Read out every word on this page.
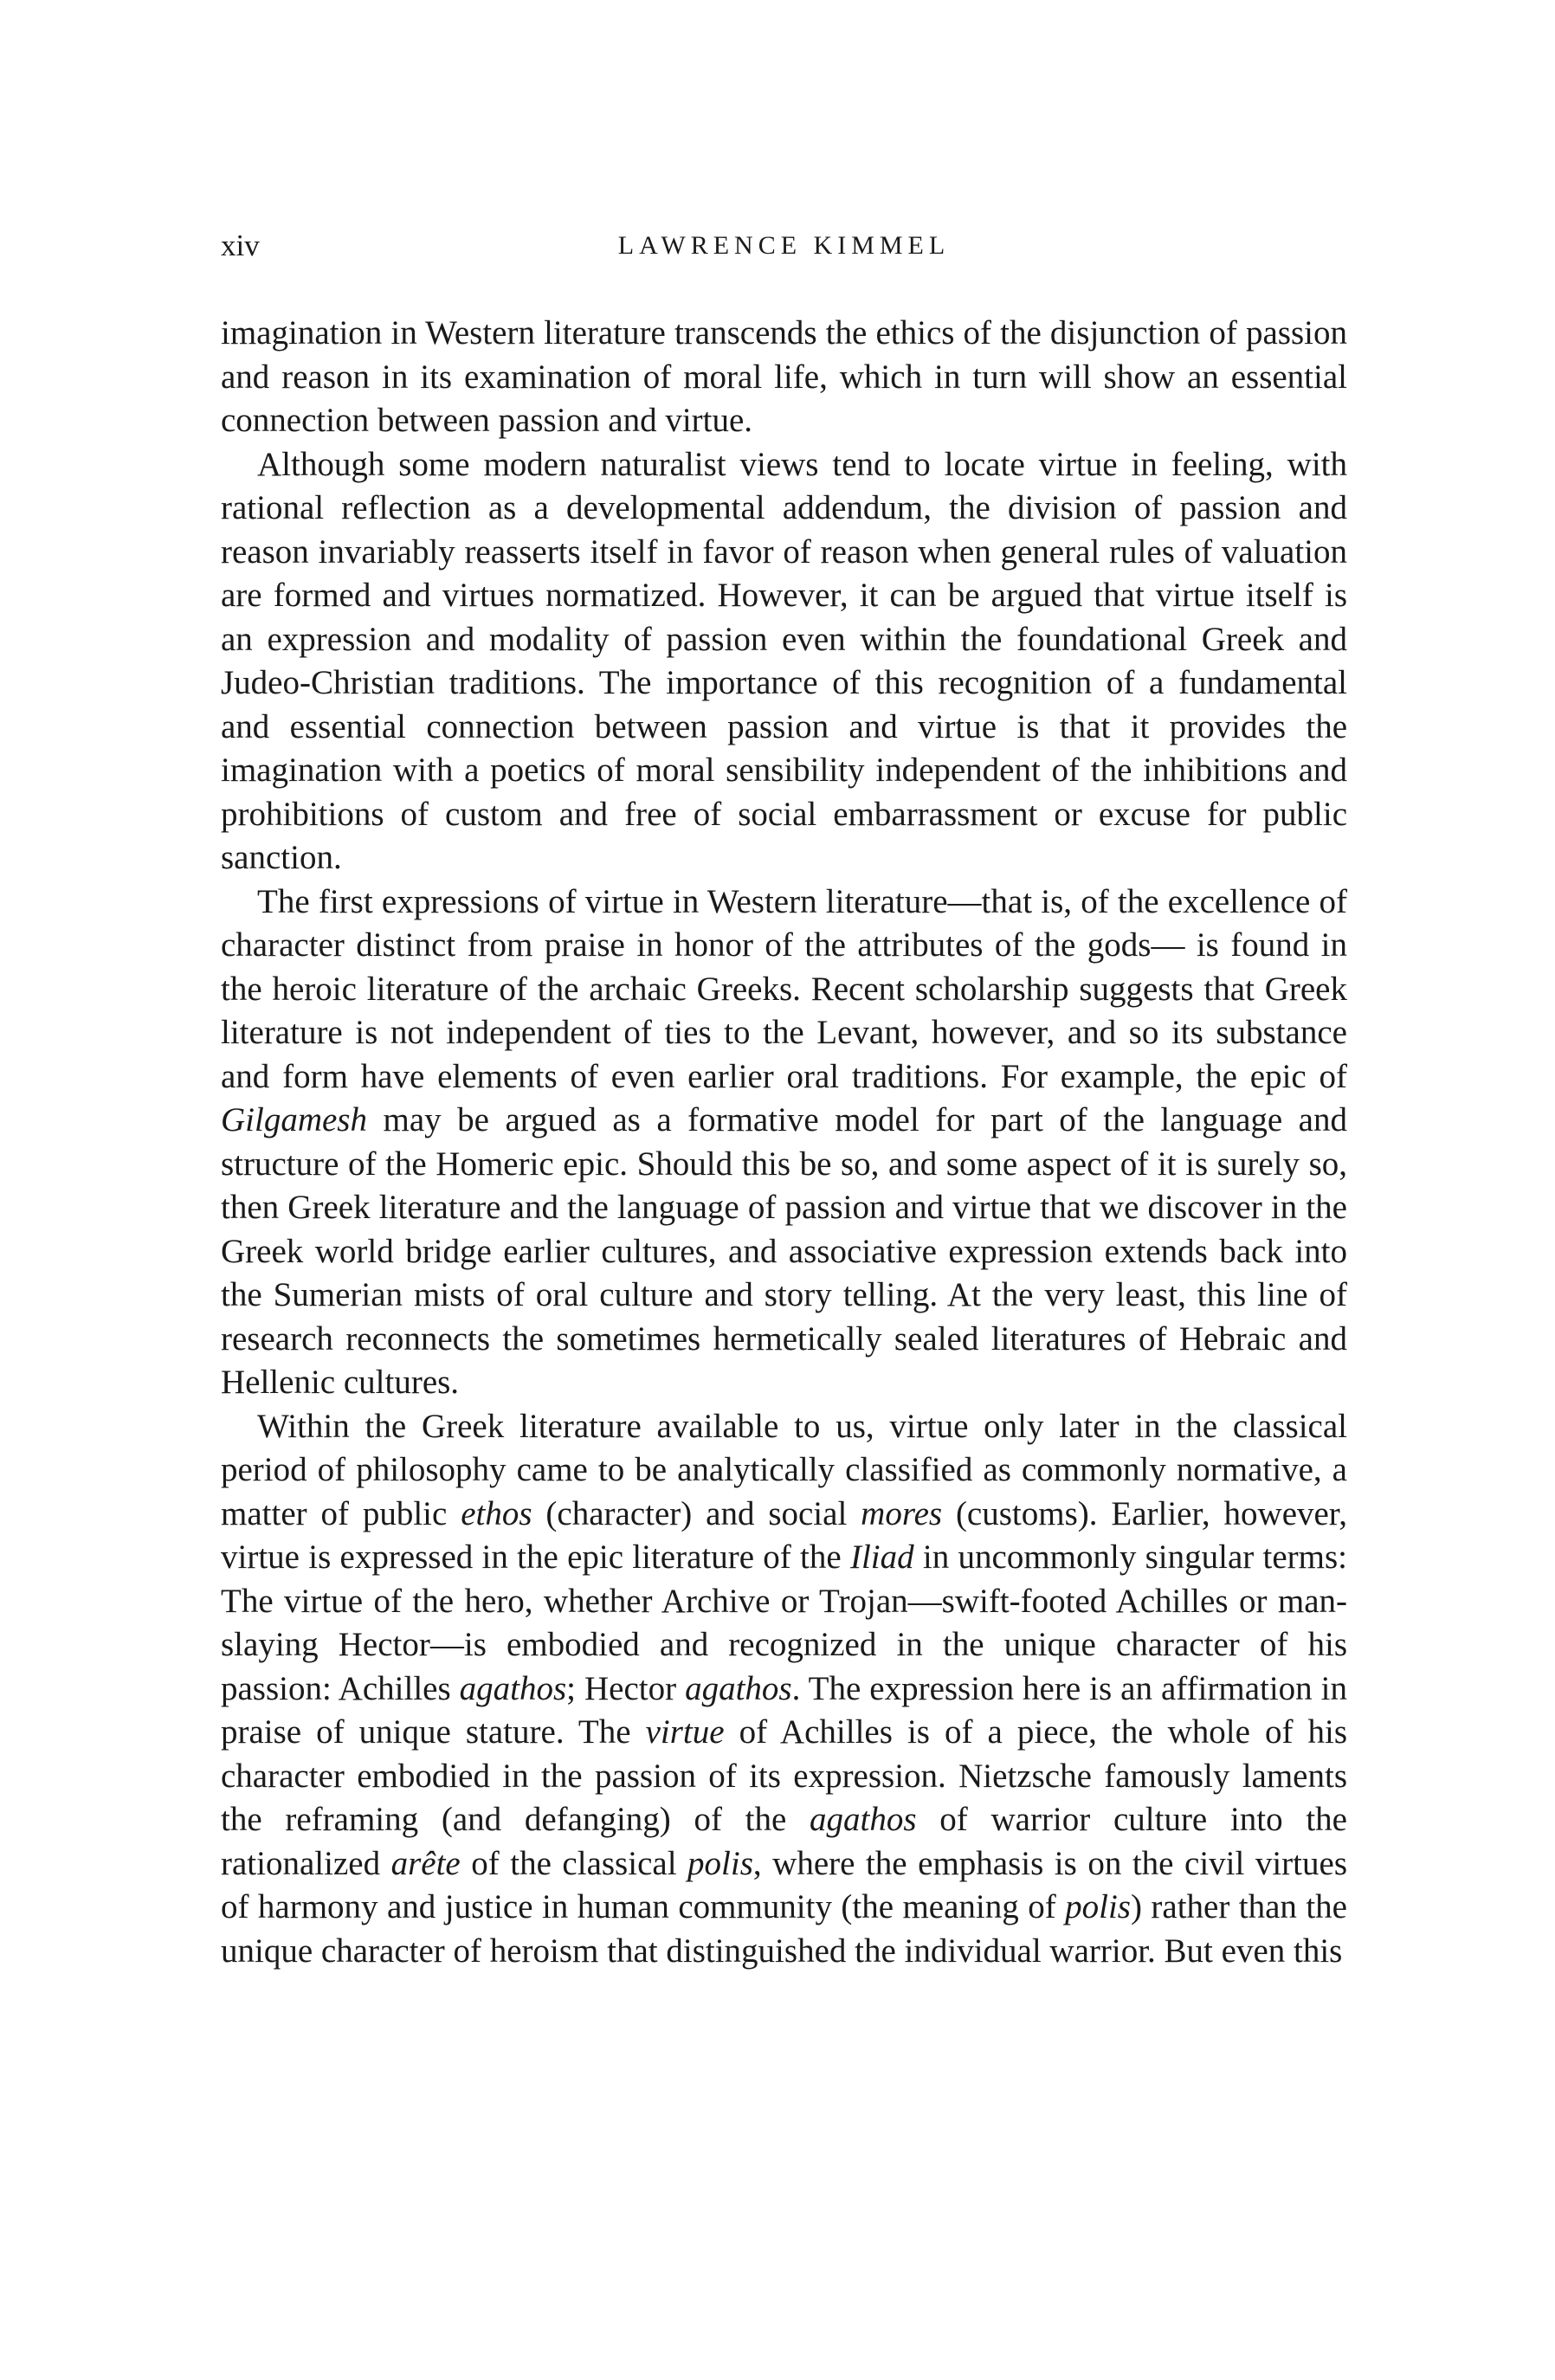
xiv	LAWRENCE KIMMEL

imagination in Western literature transcends the ethics of the disjunction of passion and reason in its examination of moral life, which in turn will show an essential connection between passion and virtue.

Although some modern naturalist views tend to locate virtue in feeling, with rational reflection as a developmental addendum, the division of passion and reason invariably reasserts itself in favor of reason when general rules of valuation are formed and virtues normatized. However, it can be argued that virtue itself is an expression and modality of passion even within the foundational Greek and Judeo-Christian traditions. The importance of this recognition of a fundamental and essential connection between passion and virtue is that it provides the imagination with a poetics of moral sensibility independent of the inhibitions and prohibitions of custom and free of social embarrassment or excuse for public sanction.

The first expressions of virtue in Western literature—that is, of the excellence of character distinct from praise in honor of the attributes of the gods— is found in the heroic literature of the archaic Greeks. Recent scholarship suggests that Greek literature is not independent of ties to the Levant, however, and so its substance and form have elements of even earlier oral traditions. For example, the epic of Gilgamesh may be argued as a formative model for part of the language and structure of the Homeric epic. Should this be so, and some aspect of it is surely so, then Greek literature and the language of passion and virtue that we discover in the Greek world bridge earlier cultures, and associative expression extends back into the Sumerian mists of oral culture and story telling. At the very least, this line of research reconnects the sometimes hermetically sealed literatures of Hebraic and Hellenic cultures.

Within the Greek literature available to us, virtue only later in the classical period of philosophy came to be analytically classified as commonly normative, a matter of public ethos (character) and social mores (customs). Earlier, however, virtue is expressed in the epic literature of the Iliad in uncommonly singular terms: The virtue of the hero, whether Archive or Trojan—swift-footed Achilles or man-slaying Hector—is embodied and recognized in the unique character of his passion: Achilles agathos; Hector agathos. The expression here is an affirmation in praise of unique stature. The virtue of Achilles is of a piece, the whole of his character embodied in the passion of its expression. Nietzsche famously laments the reframing (and defanging) of the agathos of warrior culture into the rationalized arête of the classical polis, where the emphasis is on the civil virtues of harmony and justice in human community (the meaning of polis) rather than the unique character of heroism that distinguished the individual warrior. But even this
